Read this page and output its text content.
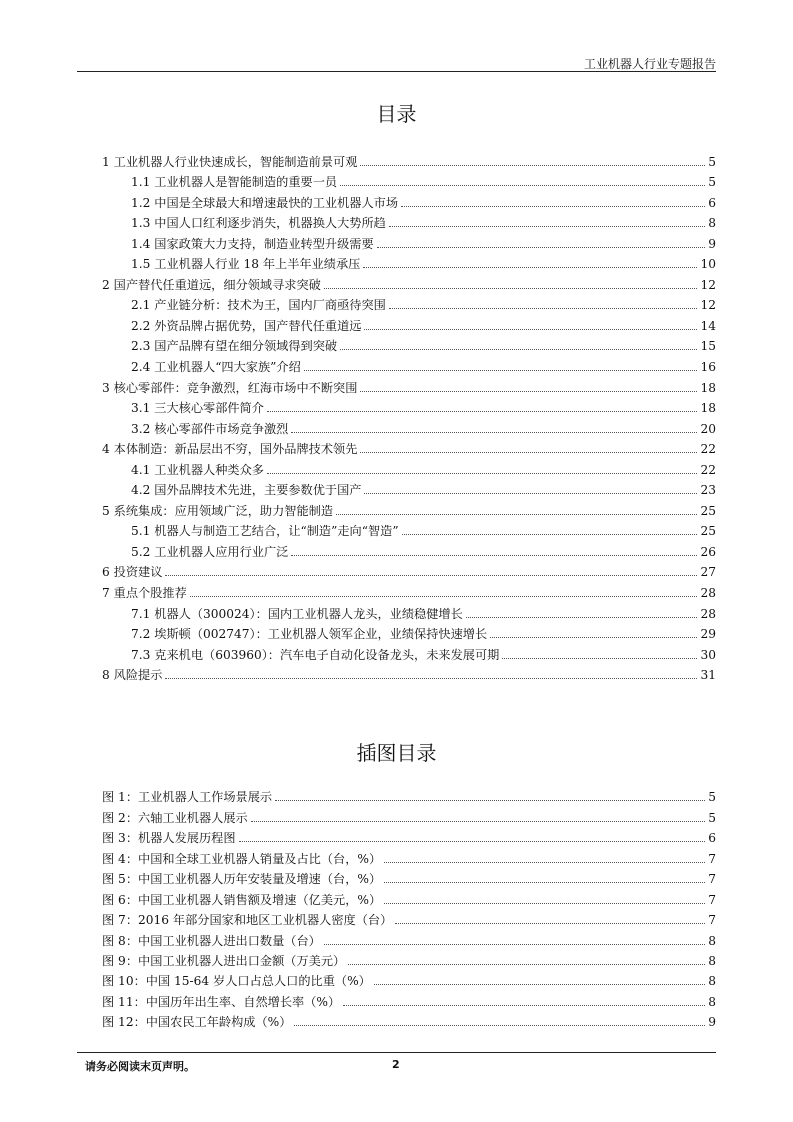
工业机器人行业专题报告
目录
1 工业机器人行业快速成长，智能制造前景可观	5
1.1 工业机器人是智能制造的重要一员	5
1.2 中国是全球最大和增速最快的工业机器人市场	6
1.3 中国人口红利逐步消失，机器换人大势所趋	8
1.4 国家政策大力支持，制造业转型升级需要	9
1.5 工业机器人行业 18 年上半年业绩承压	10
2 国产替代任重道远，细分领域寻求突破	12
2.1 产业链分析：技术为王，国内厂商亟待突围	12
2.2 外资品牌占据优势，国产替代任重道远	14
2.3 国产品牌有望在细分领域得到突破	15
2.4 工业机器人“四大家族”介绍	16
3 核心零部件：竞争激烈，红海市场中不断突围	18
3.1 三大核心零部件简介	18
3.2 核心零部件市场竞争激烈	20
4 本体制造：新品层出不穷，国外品牌技术领先	22
4.1 工业机器人种类众多	22
4.2 国外品牌技术先进，主要参数优于国产	23
5 系统集成：应用领域广泛，助力智能制造	25
5.1 机器人与制造工艺结合，让“制造”走向“智造”	25
5.2 工业机器人应用行业广泛	26
6 投资建议	27
7 重点个股推荐	28
7.1 机器人（300024）：国内工业机器人龙头，业绩稳健增长	28
7.2 埃斯顿（002747）：工业机器人领军企业，业绩保持快速增长	29
7.3 克来机电（603960）：汽车电子自动化设备龙头，未来发展可期	30
8 风险提示	31
插图目录
图 1：工业机器人工作场景展示	5
图 2：六轴工业机器人展示	5
图 3：机器人发展历程图	6
图 4：中国和全球工业机器人销量及占比（台，%）	7
图 5：中国工业机器人历年安装量及增速（台，%）	7
图 6：中国工业机器人销售额及增速（亿美元，%）	7
图 7：2016 年部分国家和地区工业机器人密度（台）	7
图 8：中国工业机器人进出口数量（台）	8
图 9：中国工业机器人进出口金额（万美元）	8
图 10：中国 15-64 岁人口占总人口的比重（%）	8
图 11：中国历年出生率、自然增长率（%）	8
图 12：中国农民工年龄构成（%）	9
请务必阅读末页声明。	2
